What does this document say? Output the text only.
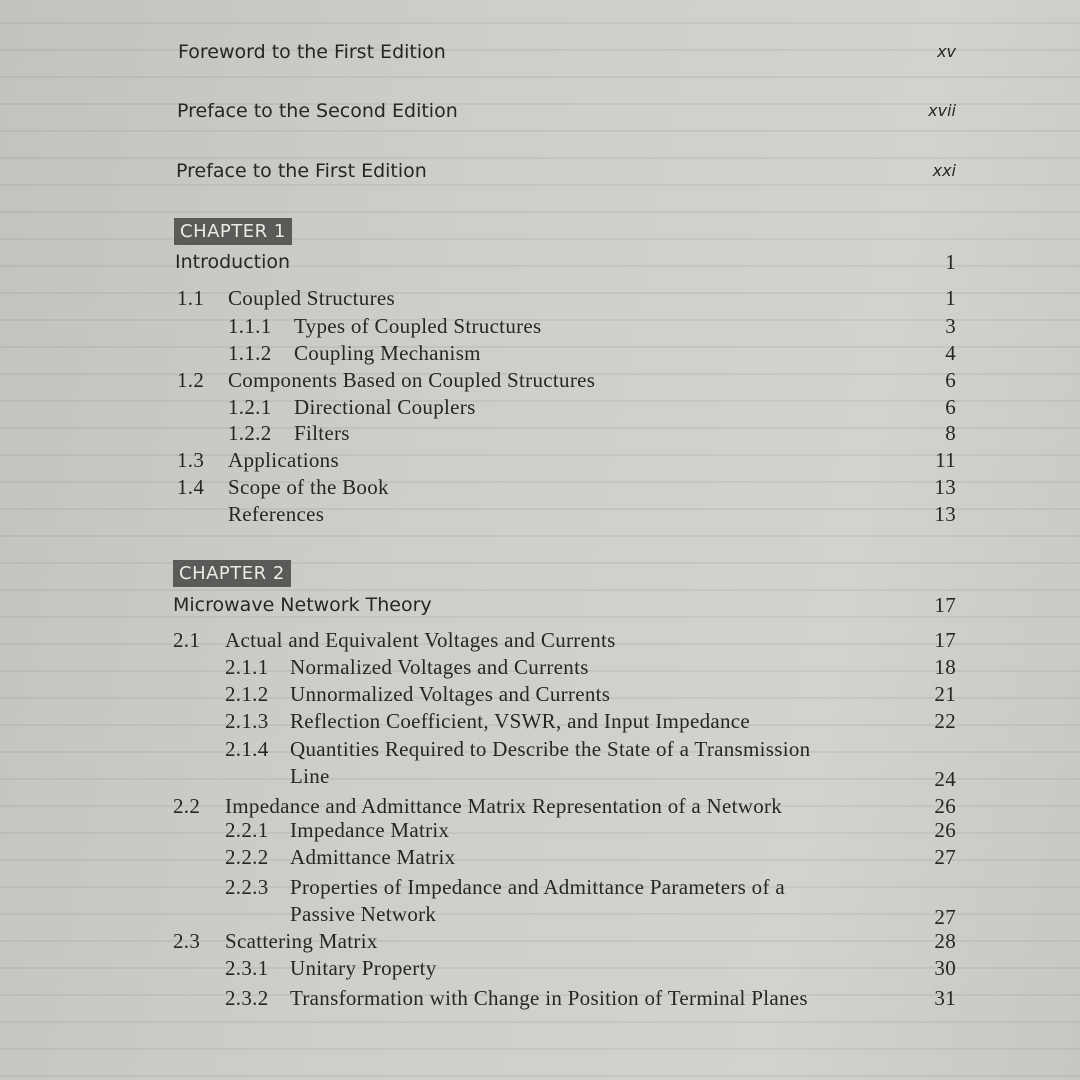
Foreword to the First Edition	xv
Preface to the Second Edition	xvii
Preface to the First Edition	xxi
CHAPTER 1
Introduction	1
1.1 Coupled Structures	1
1.1.1 Types of Coupled Structures	3
1.1.2 Coupling Mechanism	4
1.2 Components Based on Coupled Structures	6
1.2.1 Directional Couplers	6
1.2.2 Filters	8
1.3 Applications	11
1.4 Scope of the Book	13
References	13
CHAPTER 2
Microwave Network Theory	17
2.1 Actual and Equivalent Voltages and Currents	17
2.1.1 Normalized Voltages and Currents	18
2.1.2 Unnormalized Voltages and Currents	21
2.1.3 Reflection Coefficient, VSWR, and Input Impedance	22
2.1.4 Quantities Required to Describe the State of a Transmission
Line	24
2.2 Impedance and Admittance Matrix Representation of a Network	26
2.2.1 Impedance Matrix	26
2.2.2 Admittance Matrix	27
2.2.3 Properties of Impedance and Admittance Parameters of a
Passive Network	27
2.3 Scattering Matrix	28
2.3.1 Unitary Property	30
2.3.2 Transformation with Change in Position of Terminal Planes	31
